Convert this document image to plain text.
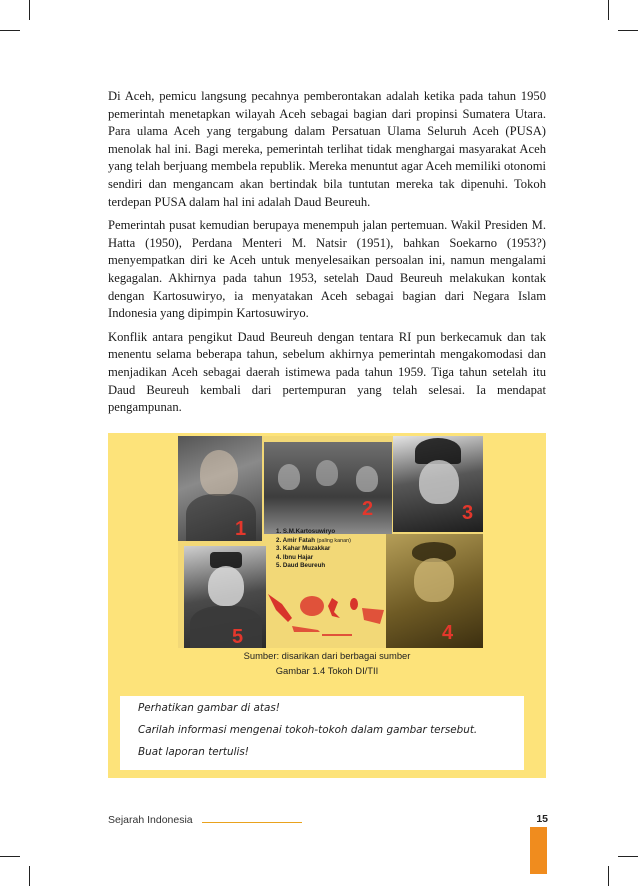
Di Aceh, pemicu langsung pecahnya pemberontakan adalah ketika pada tahun 1950 pemerintah menetapkan wilayah Aceh sebagai bagian dari propinsi Sumatera Utara. Para ulama Aceh yang tergabung dalam Persatuan Ulama Seluruh Aceh (PUSA) menolak hal ini. Bagi mereka, pemerintah terlihat tidak menghargai masyarakat Aceh yang telah berjuang membela republik. Mereka menuntut agar Aceh memiliki otonomi sendiri dan mengancam akan bertindak bila tuntutan mereka tak dipenuhi. Tokoh terdepan PUSA dalam hal ini adalah Daud Beureuh.

Pemerintah pusat kemudian berupaya menempuh jalan pertemuan. Wakil Presiden M. Hatta (1950), Perdana Menteri M. Natsir (1951), bahkan Soekarno (1953?) menyempatkan diri ke Aceh untuk menyelesaikan persoalan ini, namun mengalami kegagalan. Akhirnya pada tahun 1953, setelah Daud Beureuh melakukan kontak dengan Kartosuwiryo, ia menyatakan Aceh sebagai bagian dari Negara Islam Indonesia yang dipimpin Kartosuwiryo.

Konflik antara pengikut Daud Beureuh dengan tentara RI pun berkecamuk dan tak menentu selama beberapa tahun, sebelum akhirnya pemerintah mengakomodasi dan menjadikan Aceh sebagai daerah istimewa pada tahun 1959. Tiga tahun setelah itu Daud Beureuh kembali dari pertempuran yang telah selesai. Ia mendapat pengampunan.

1
2	3
4
5
1. S.M.Kartosuwiryo
2. Amir Fatah (paling kanan)
3. Kahar Muzakkar
4. Ibnu Hajar
5. Daud Beureuh
Sumber: disarikan dari berbagai sumber
Gambar 1.4 Tokoh DI/TII
Perhatikan gambar di atas!
Carilah informasi mengenai tokoh-tokoh dalam gambar tersebut.
Buat laporan tertulis!
Sejarah Indonesia	15
